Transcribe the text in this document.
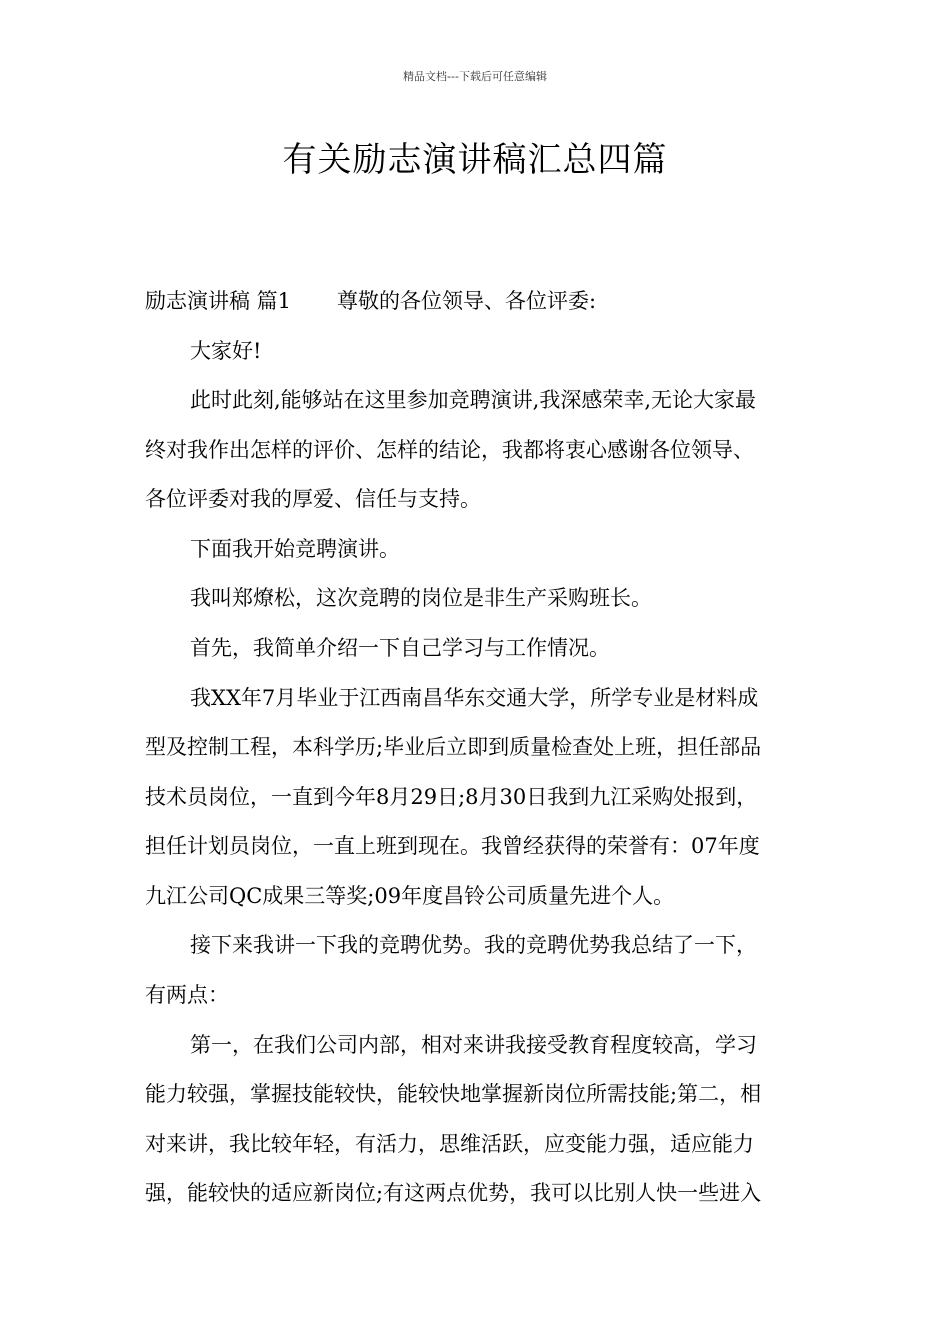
精品文档---下载后可任意编辑
有关励志演讲稿汇总四篇
励志演讲稿 篇1 尊敬的各位领导、各位评委:
大家好!
此时此刻,能够站在这里参加竞聘演讲,我深感荣幸,无论大家最
终对我作出怎样的评价、怎样的结论，我都将衷心感谢各位领导、
各位评委对我的厚爱、信任与支持。
下面我开始竞聘演讲。
我叫郑燎松，这次竞聘的岗位是非生产采购班长。
首先，我简单介绍一下自己学习与工作情况。
我XX年7月毕业于江西南昌华东交通大学，所学专业是材料成
型及控制工程，本科学历;毕业后立即到质量检查处上班，担任部品
技术员岗位，一直到今年8月29日;8月30日我到九江采购处报到，
担任计划员岗位，一直上班到现在。我曾经获得的荣誉有：07年度
九江公司QC成果三等奖;09年度昌铃公司质量先进个人。
接下来我讲一下我的竞聘优势。我的竞聘优势我总结了一下，
有两点：
第一，在我们公司内部，相对来讲我接受教育程度较高，学习
能力较强，掌握技能较快，能较快地掌握新岗位所需技能;第二，相
对来讲，我比较年轻，有活力，思维活跃，应变能力强，适应能力
强，能较快的适应新岗位;有这两点优势，我可以比别人快一些进入
